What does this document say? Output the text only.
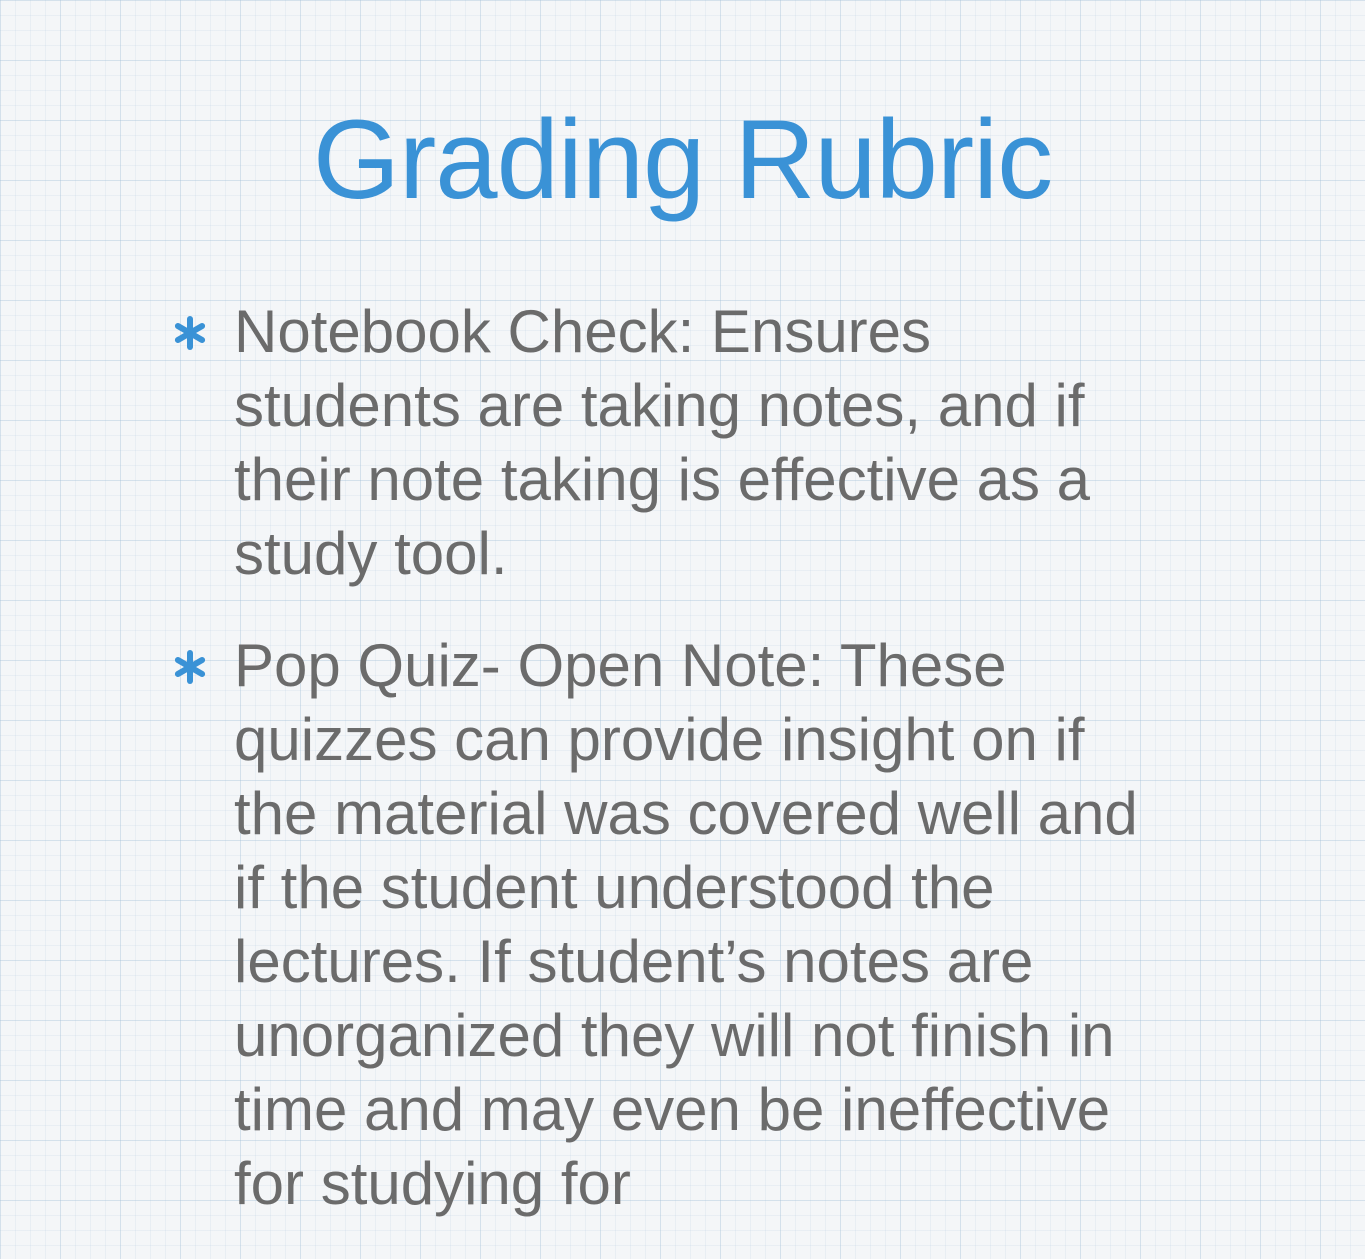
Grading Rubric
Notebook Check: Ensures students are taking notes, and if their note taking is effective as a study tool.
Pop Quiz- Open Note: These quizzes can provide insight on if the material was covered well and if the student understood the lectures. If student’s notes are unorganized they will not finish in time and may even be ineffective for studying for
